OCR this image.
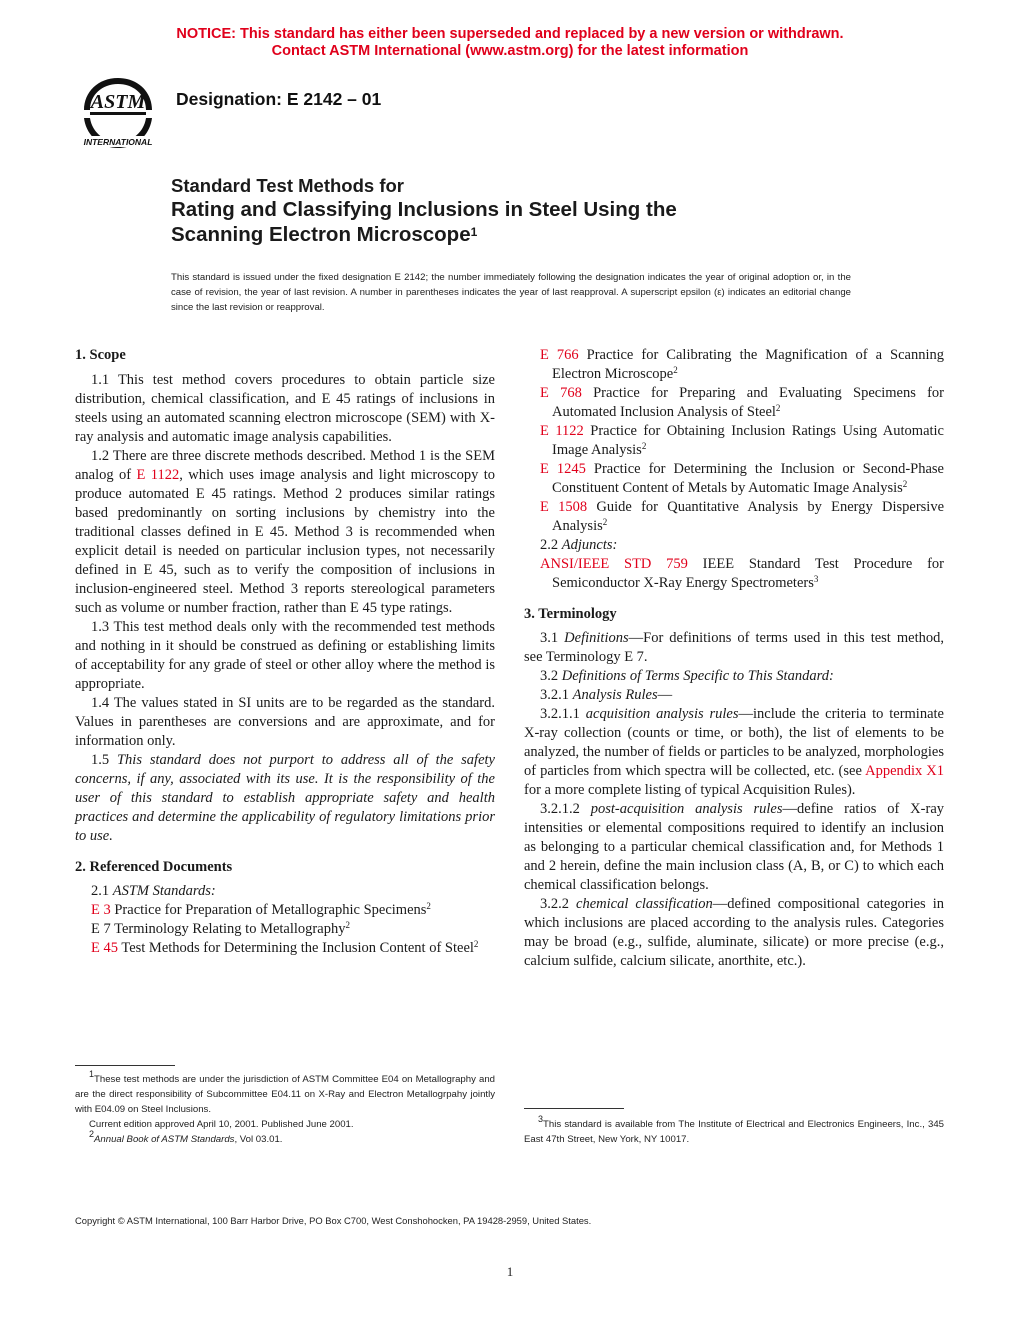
NOTICE: This standard has either been superseded and replaced by a new version or withdrawn.
Contact ASTM International (www.astm.org) for the latest information
ASTM
INTERNATIONAL
Designation: E 2142 – 01
Standard Test Methods for
Rating and Classifying Inclusions in Steel Using the
Scanning Electron Microscope$^1$
This standard is issued under the fixed designation E 2142; the number immediately following the designation indicates the year of original adoption or, in the case of revision, the year of last revision. A number in parentheses indicates the year of last reapproval. A superscript epsilon (ε) indicates an editorial change since the last revision or reapproval.
1. Scope

1.1 This test method covers procedures to obtain particle size distribution, chemical classification, and E 45 ratings of inclusions in steels using an automated scanning electron microscope (SEM) with X-ray analysis and automatic image analysis capabilities.

1.2 There are three discrete methods described. Method 1 is the SEM analog of E 1122, which uses image analysis and light microscopy to produce automated E 45 ratings. Method 2 produces similar ratings based predominantly on sorting inclusions by chemistry into the traditional classes defined in E 45. Method 3 is recommended when explicit detail is needed on particular inclusion types, not necessarily defined in E 45, such as to verify the composition of inclusions in inclusion-engineered steel. Method 3 reports stereological parameters such as volume or number fraction, rather than E 45 type ratings.

1.3 This test method deals only with the recommended test methods and nothing in it should be construed as defining or establishing limits of acceptability for any grade of steel or other alloy where the method is appropriate.

1.4 The values stated in SI units are to be regarded as the standard. Values in parentheses are conversions and are approximate, and for information only.

1.5 This standard does not purport to address all of the safety concerns, if any, associated with its use. It is the responsibility of the user of this standard to establish appropriate safety and health practices and determine the applicability of regulatory limitations prior to use.

2. Referenced Documents

2.1 ASTM Standards:

E 3 Practice for Preparation of Metallographic Specimens$^2$

E 7 Terminology Relating to Metallography$^2$

E 45 Test Methods for Determining the Inclusion Content of Steel$^2$

$^1$These test methods are under the jurisdiction of ASTM Committee E04 on Metallography and are the direct responsibility of Subcommittee E04.11 on X-Ray and Electron Metallogrpahy jointly with E04.09 on Steel Inclusions.

Current edition approved April 10, 2001. Published June 2001.

$^2$Annual Book of ASTM Standards, Vol 03.01.

E 766 Practice for Calibrating the Magnification of a Scanning Electron Microscope$^2$

E 768 Practice for Preparing and Evaluating Specimens for Automated Inclusion Analysis of Steel$^2$

E 1122 Practice for Obtaining Inclusion Ratings Using Automatic Image Analysis$^2$

E 1245 Practice for Determining the Inclusion or Second-Phase Constituent Content of Metals by Automatic Image Analysis$^2$

E 1508 Guide for Quantitative Analysis by Energy Dispersive Analysis$^2$

2.2 Adjuncts:

ANSI/IEEE STD 759 IEEE Standard Test Procedure for Semiconductor X-Ray Energy Spectrometers$^3$

3. Terminology

3.1 Definitions—For definitions of terms used in this test method, see Terminology E 7.

3.2 Definitions of Terms Specific to This Standard:

3.2.1 Analysis Rules—

3.2.1.1 acquisition analysis rules—include the criteria to terminate X-ray collection (counts or time, or both), the list of elements to be analyzed, the number of fields or particles to be analyzed, morphologies of particles from which spectra will be collected, etc. (see Appendix X1 for a more complete listing of typical Acquisition Rules).

3.2.1.2 post-acquisition analysis rules—define ratios of X-ray intensities or elemental compositions required to identify an inclusion as belonging to a particular chemical classification and, for Methods 1 and 2 herein, define the main inclusion class (A, B, or C) to which each chemical classification belongs.

3.2.2 chemical classification—defined compositional categories in which inclusions are placed according to the analysis rules. Categories may be broad (e.g., sulfide, aluminate, silicate) or more precise (e.g., calcium sulfide, calcium silicate, anorthite, etc.).

$^3$This standard is available from The Institute of Electrical and Electronics Engineers, Inc., 345 East 47th Street, New York, NY 10017.

Copyright © ASTM International, 100 Barr Harbor Drive, PO Box C700, West Conshohocken, PA 19428-2959, United States.
1
